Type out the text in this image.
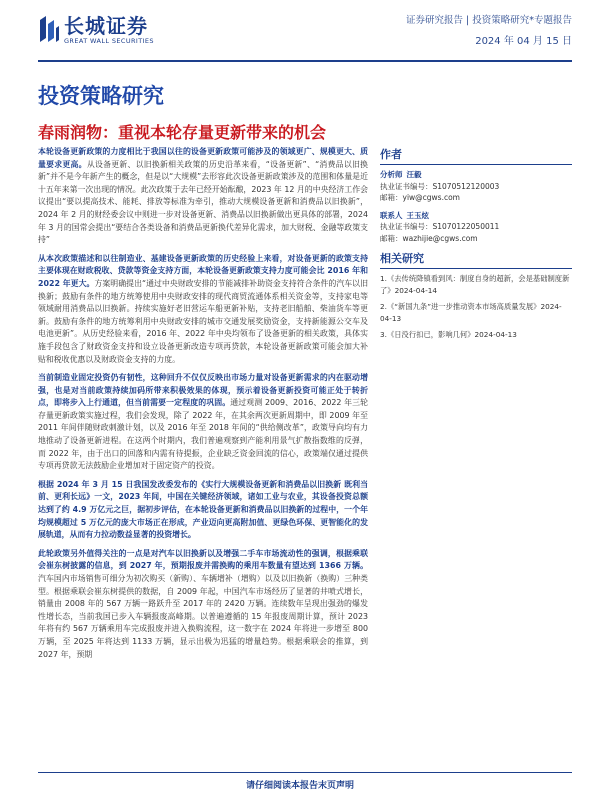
长城证券
GREAT WALL SECURITIES
证券研究报告 | 投资策略研究*专题报告
2024 年 04 月 15 日
投资策略研究
春雨润物：重视本轮存量更新带来的机会

本轮设备更新政策的力度相比于我国以往的设备更新政策可能涉及的领域更广、规模更大、质量要求更高。从设备更新、以旧换新相关政策的历史沿革来看，“设备更新”、“消费品以旧换新”并不是今年新产生的概念，但是以“大规模”去形容此次设备更新政策涉及的范围和体量是近十五年来第一次出现的情况。此次政策于去年已经开始酝酿，2023 年 12 月的中央经济工作会议提出“要以提高技术、能耗、排放等标准为牵引，推动大规模设备更新和消费品以旧换新”，2024 年 2 月的财经委会议中则进一步对设备更新、消费品以旧换新做出更具体的部署，2024 年 3 月的国常会提出“要结合各类设备和消费品更新换代差异化需求，加大财税、金融等政策支持”

从本次政策描述和以往制造业、基建设备更新政策的历史经验上来看，对设备更新的政策支持主要体现在财政税收、贷款等资金支持方面，本轮设备更新政策支持力度可能会比 2016 年和 2022 年更大。方案明确提出“通过中央财政安排的节能减排补助资金支持符合条件的汽车以旧换新；鼓励有条件的地方统筹使用中央财政安排的现代商贸流通体系相关资金等，支持家电等领域耐用消费品以旧换新。持续实施好老旧营运车船更新补贴，支持老旧船舶、柴油货车等更新。鼓励有条件的地方统筹利用中央财政安排的城市交通发展奖励资金，支持新能源公交车及电池更新”。从历史经验来看，2016 年、2022 年中央均领布了设备更新的相关政策，具体实施手段包含了财政资金支持和设立设备更新改造专项再贷款，本轮设备更新政策可能会加大补贴和税收优惠以及财政资金支持的力度。

当前制造业固定投资仍有韧性，这种回升不仅仅反映出市场力量对设备更新需求的内在驱动增强，也是对当前政策持续加码所带来积极效果的体现，预示着设备更新投资可能正处于转折点，即将步入上行通道，但当前需要一定程度的巩固。通过观测 2009、2016、2022 年三轮存量更新政策实施过程，我们会发现，除了 2022 年，在其余两次更新周期中，即 2009 年至 2011 年间伴随财政刺激计划，以及 2016 年至 2018 年间的“供给侧改革”，政策导向均有力地推动了设备更新进程。在这两个时期内，我们普遍观察到产能利用景气扩散指数维的反弹，而 2022 年，由于出口的回落和内需有待提振，企业缺乏资金回流的信心，政策端仅通过提供专项再贷款无法鼓励企业增加对于固定资产的投资。

根据 2024 年 3 月 15 日我国发改委发布的《实行大规模设备更新和消费品以旧换新 既利当前、更利长远》一文，2023 年间，中国在关键经济领域，诸如工业与农业，其设备投资总额达到了约 4.9 万亿元之巨，据初步评估，在本轮设备更新和消费品以旧换新的过程中，一个年均规模超过 5 万亿元的庞大市场正在形成，产业迈向更高附加值、更绿色环保、更智能化的发展轨道，从而有力拉动数益显著的投资增长。

此轮政策另外值得关注的一点是对汽车以旧换新以及增强二手车市场流动性的强调，根据乘联会崔东树披露的信息，到 2027 年，预期报废并需换购的乘用车数量有望达到 1366 万辆。汽车国内市场销售可细分为初次购买（新购）、车辆增补（增购）以及以旧换新（换购）三种类型。根据乘联会崔东树提供的数据，自 2009 年起，中国汽车市场经历了显著的井喷式增长，销量由 2008 年的 567 万辆一路跃升至 2017 年的 2420 万辆。连续数年呈现出强劲的爆发性增长态，当前我国已步入车辆报废高峰期。以普遍遵循的 15 年报废周期计算，预计 2023 年将有约 567 万辆乘用车完成报废并进入换购流程，这一数字在 2024 年将进一步增至 800 万辆，至 2025 年将达到 1133 万辆，显示出极为迅猛的增量趋势。根据乘联会的推算，到 2027 年，预期

作者
分析师 汪毅
执业证书编号：S1070512120003
邮箱：yiw@cgws.com
联系人 王玉炫
执业证书编号：S1070122050011
邮箱：wazhijie@cgws.com
相关研究
1.《去传统降镇看到风：制度自身的超新，会是基础制度新了》2024-04-14
2.《“新国九条”进一步推动资本市场高质量发展》2024-04-13
3.《日没行扣已，影响几何》2024-04-13
请仔细阅读本报告末页声明
